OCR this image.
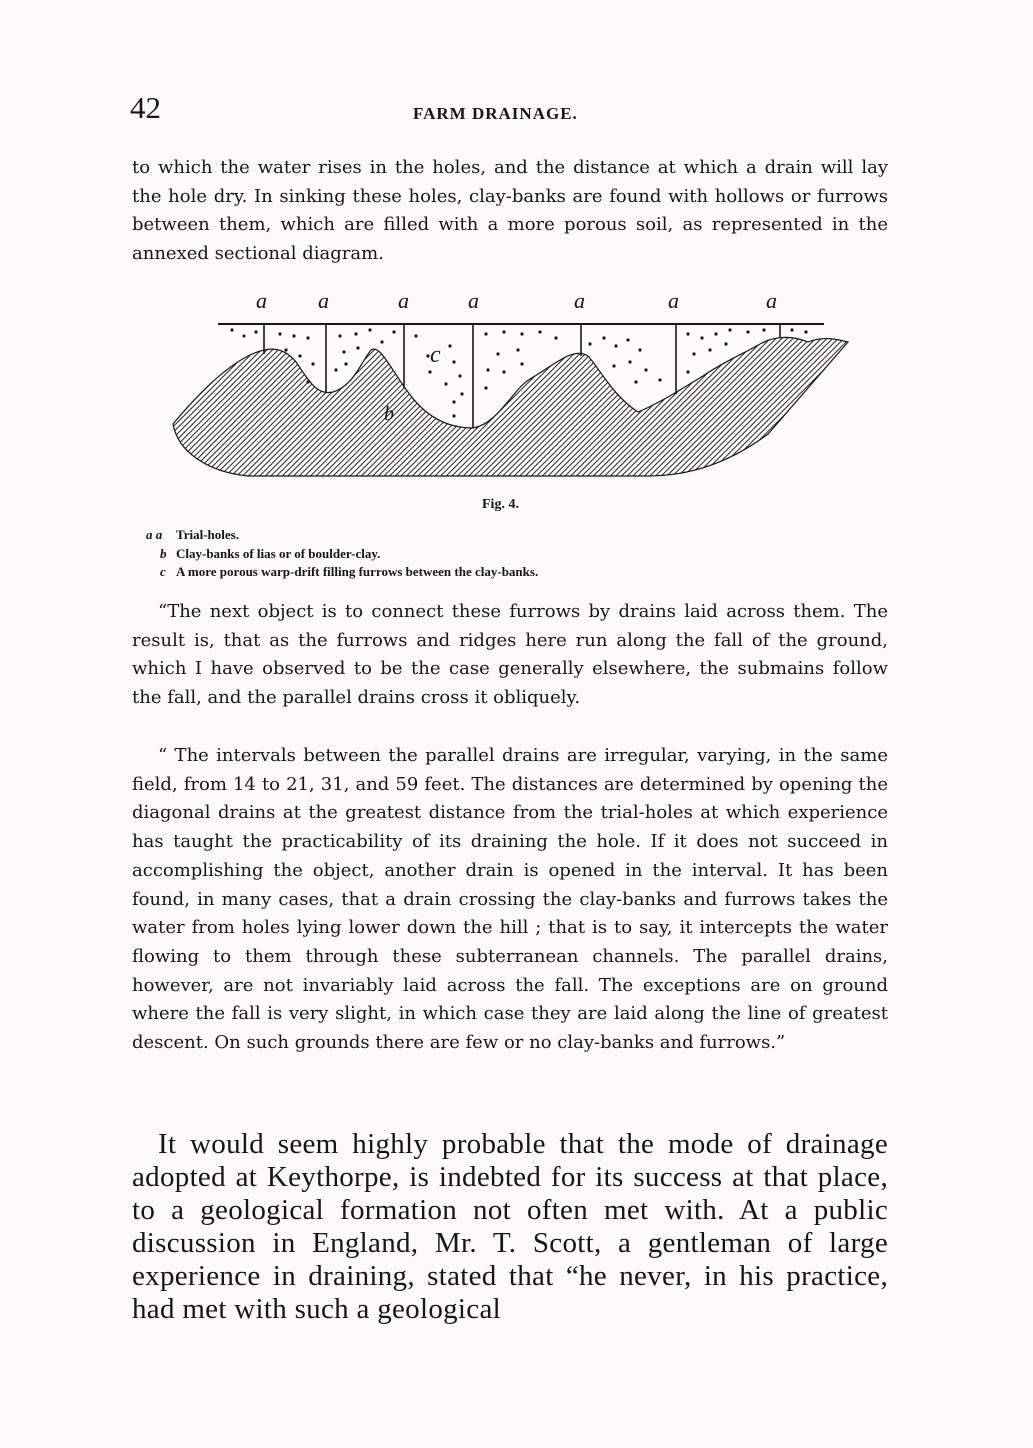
42	FARM DRAINAGE.

to which the water rises in the holes, and the distance at which a drain will lay the hole dry. In sinking these holes, clay-banks are found with hollows or furrows between them, which are filled with a more porous soil, as represented in the annexed sectional diagram.

a a	a	a	a	a	a
c
b
Fig. 4.
a a Trial-holes.
b Clay-banks of lias or of boulder-clay.
c A more porous warp-drift filling furrows between the clay-banks.

“The next object is to connect these furrows by drains laid across them. The result is, that as the furrows and ridges here run along the fall of the ground, which I have observed to be the case generally elsewhere, the submains follow the fall, and the parallel drains cross it obliquely.

“ The intervals between the parallel drains are irregular, varying, in the same field, from 14 to 21, 31, and 59 feet. The distances are determined by opening the diagonal drains at the greatest distance from the trial-holes at which experience has taught the practicability of its draining the hole. If it does not succeed in accomplishing the object, another drain is opened in the interval. It has been found, in many cases, that a drain crossing the clay-banks and furrows takes the water from holes lying lower down the hill ; that is to say, it intercepts the water flowing to them through these subterranean channels. The parallel drains, however, are not invariably laid across the fall. The exceptions are on ground where the fall is very slight, in which case they are laid along the line of greatest descent. On such grounds there are few or no clay-banks and furrows.”

It would seem highly probable that the mode of drainage adopted at Keythorpe, is indebted for its success at that place, to a geological formation not often met with. At a public discussion in England, Mr. T. Scott, a gentleman of large experience in draining, stated that “he never, in his practice, had met with such a geological
